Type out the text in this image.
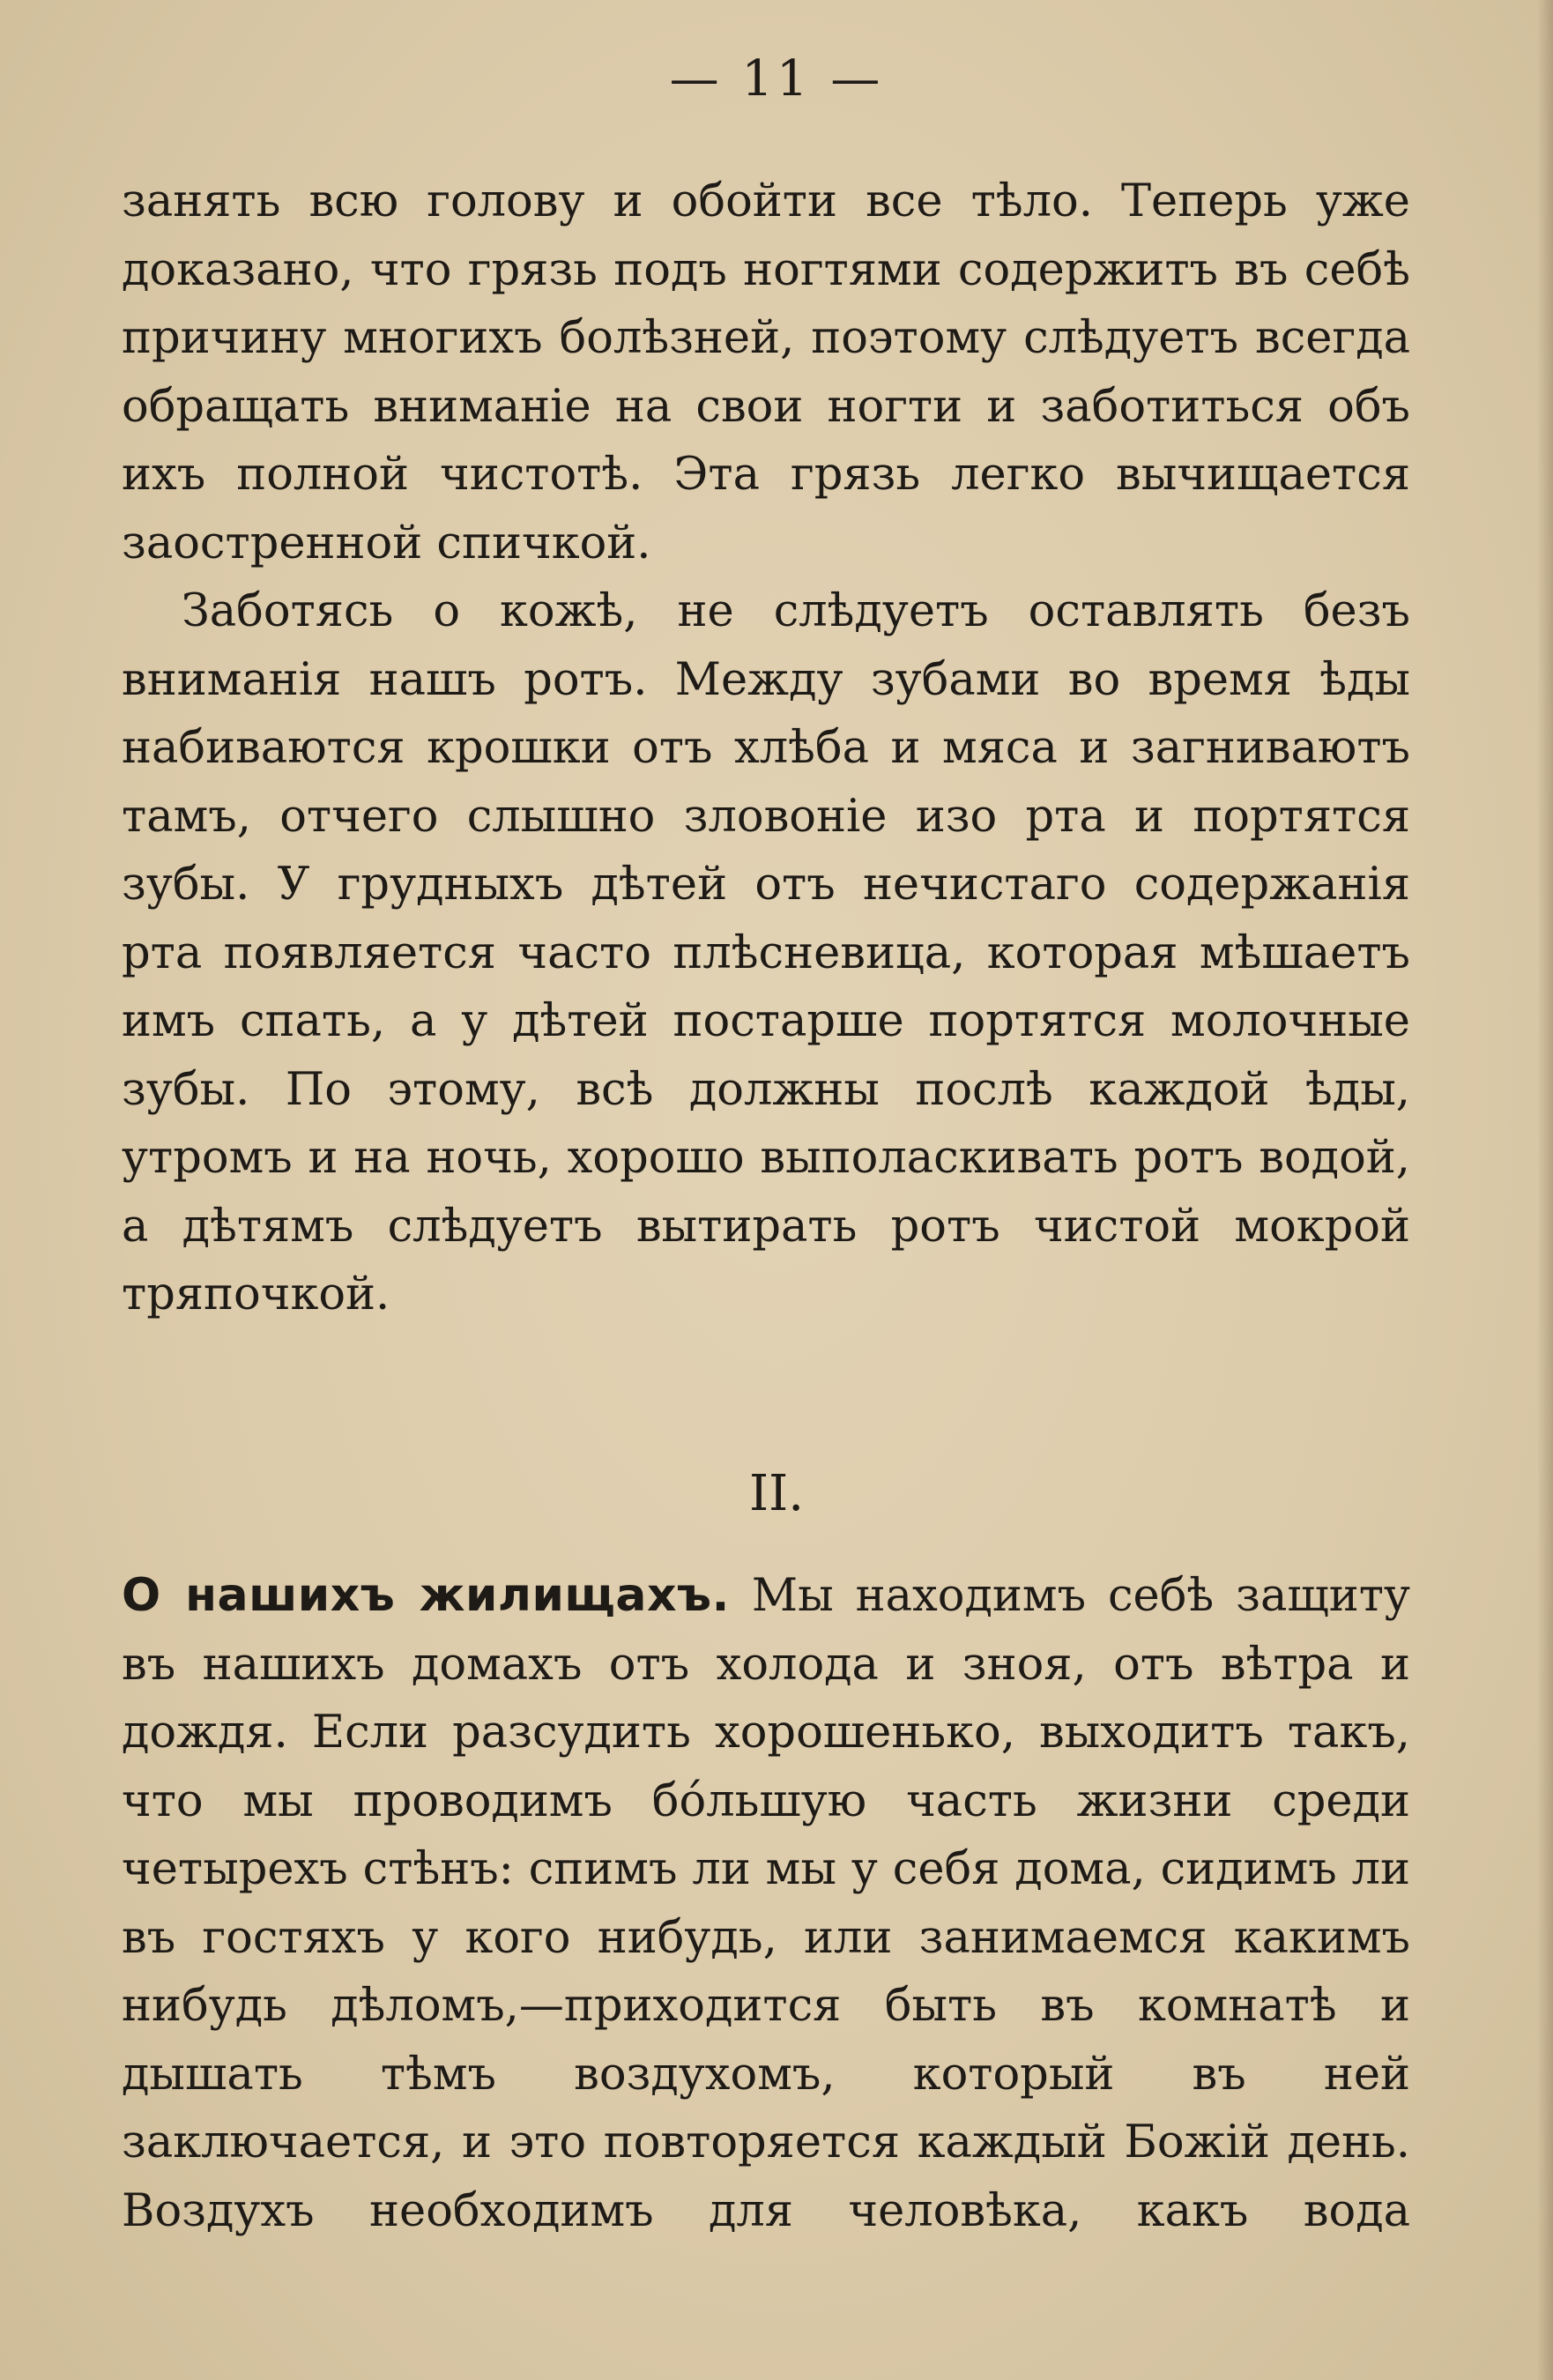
— 11 —

занять всю голову и обойти все тѣло. Теперь уже доказано, что грязь подъ ногтями содержитъ въ себѣ причину многихъ болѣзней, поэтому слѣдуетъ всегда обращать вниманіе на свои ногти и заботиться объ ихъ полной чистотѣ. Эта грязь легко вычищается заостренной спичкой.

Заботясь о кожѣ, не слѣдуетъ оставлять безъ вниманія нашъ ротъ. Между зубами во время ѣды набиваются крошки отъ хлѣба и мяса и загниваютъ тамъ, отчего слышно зловоніе изо рта и портятся зубы. У грудныхъ дѣтей отъ нечистаго содержанія рта появляется часто плѣсневица, которая мѣшаетъ имъ спать, а у дѣтей постарше портятся молочные зубы. По этому, всѣ должны послѣ каждой ѣды, утромъ и на ночь, хорошо выполаскивать ротъ водой, а дѣтямъ слѣдуетъ вытирать ротъ чистой мокрой тряпочкой.

II.

О нашихъ жилищахъ. Мы находимъ себѣ защиту въ нашихъ домахъ отъ холода и зноя, отъ вѣтра и дождя. Если разсудить хорошенько, выходитъ такъ, что мы проводимъ бо́льшую часть жизни среди четырехъ стѣнъ: спимъ ли мы у себя дома, сидимъ ли въ гостяхъ у кого нибудь, или занимаемся какимъ нибудь дѣломъ,—приходится быть въ комнатѣ и дышать тѣмъ воздухомъ, который въ ней заключается, и это повторяется каждый Божій день. Воздухъ необходимъ для человѣка, какъ вода
